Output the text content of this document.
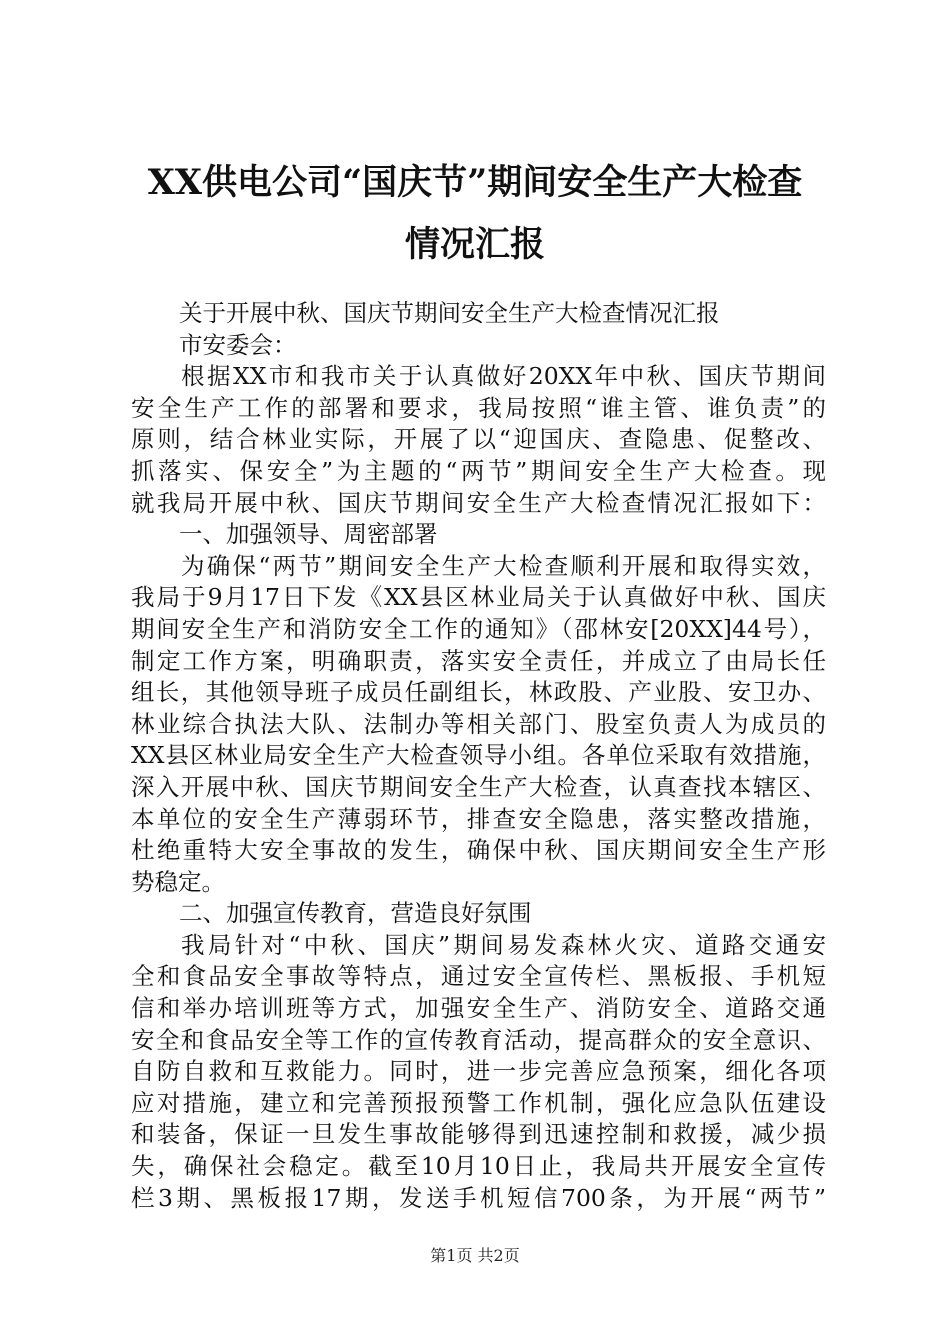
XX供电公司“国庆节”期间安全生产大检查
情况汇报
关于开展中秋、国庆节期间安全生产大检查情况汇报
市安委会：
根据XX市和我市关于认真做好20XX年中秋、国庆节期间
安全生产工作的部署和要求，我局按照“谁主管、谁负责”的
原则，结合林业实际，开展了以“迎国庆、查隐患、促整改、
抓落实、保安全”为主题的“两节”期间安全生产大检查。现
就我局开展中秋、国庆节期间安全生产大检查情况汇报如下：
一、加强领导、周密部署
为确保“两节”期间安全生产大检查顺利开展和取得实效，
我局于9月17日下发《XX县区林业局关于认真做好中秋、国庆
期间安全生产和消防安全工作的通知》（邵林安[20XX]44号），
制定工作方案，明确职责，落实安全责任，并成立了由局长任
组长，其他领导班子成员任副组长，林政股、产业股、安卫办、
林业综合执法大队、法制办等相关部门、股室负责人为成员的
XX县区林业局安全生产大检查领导小组。各单位采取有效措施，
深入开展中秋、国庆节期间安全生产大检查，认真查找本辖区、
本单位的安全生产薄弱环节，排查安全隐患，落实整改措施，
杜绝重特大安全事故的发生，确保中秋、国庆期间安全生产形
势稳定。
二、加强宣传教育，营造良好氛围
我局针对“中秋、国庆”期间易发森林火灾、道路交通安
全和食品安全事故等特点，通过安全宣传栏、黑板报、手机短
信和举办培训班等方式，加强安全生产、消防安全、道路交通
安全和食品安全等工作的宣传教育活动，提高群众的安全意识、
自防自救和互救能力。同时，进一步完善应急预案，细化各项
应对措施，建立和完善预报预警工作机制，强化应急队伍建设
和装备，保证一旦发生事故能够得到迅速控制和救援，减少损
失，确保社会稳定。截至10月10日止，我局共开展安全宣传
栏3期、黑板报17期，发送手机短信700条，为开展“两节”
第1页 共2页
